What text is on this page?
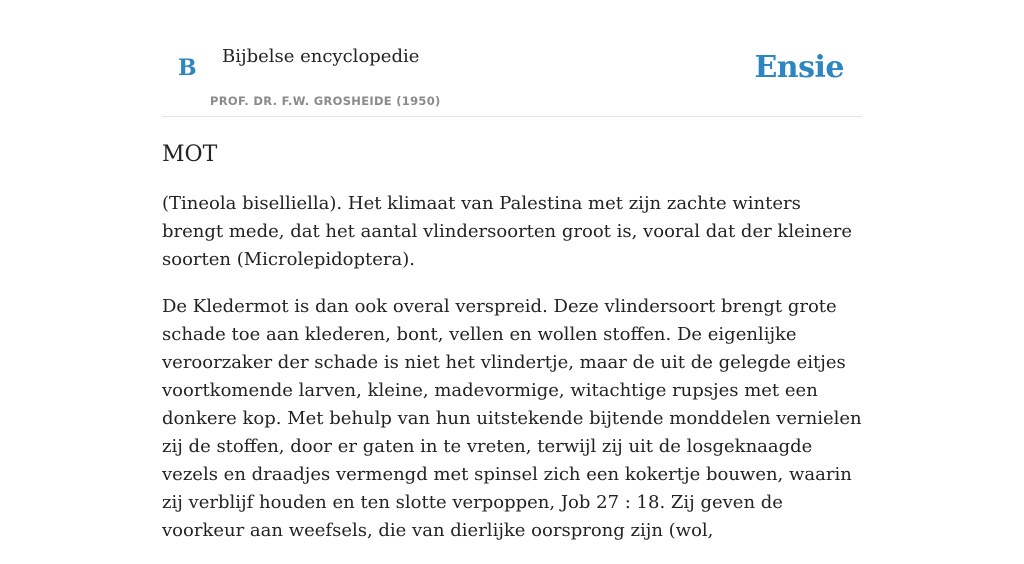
B Bijbelse encyclopedie
PROF. DR. F.W. GROSHEIDE (1950)
Ensie
MOT

(Tineola biselliella). Het klimaat van Palestina met zijn zachte winters brengt mede, dat het aantal vlindersoorten groot is, vooral dat der kleinere soorten (Microlepidoptera).

De Kledermot is dan ook overal verspreid. Deze vlindersoort brengt grote schade toe aan klederen, bont, vellen en wollen stoffen. De eigenlijke veroorzaker der schade is niet het vlindertje, maar de uit de gelegde eitjes voortkomende larven, kleine, madevormige, witachtige rupsjes met een donkere kop. Met behulp van hun uitstekende bijtende monddelen vernielen zij de stoffen, door er gaten in te vreten, terwijl zij uit de losgeknaagde vezels en draadjes vermengd met spinsel zich een kokertje bouwen, waarin zij verblijf houden en ten slotte verpoppen, Job 27 : 18. Zij geven de voorkeur aan weefsels, die van dierlijke oorsprong zijn (wol,
